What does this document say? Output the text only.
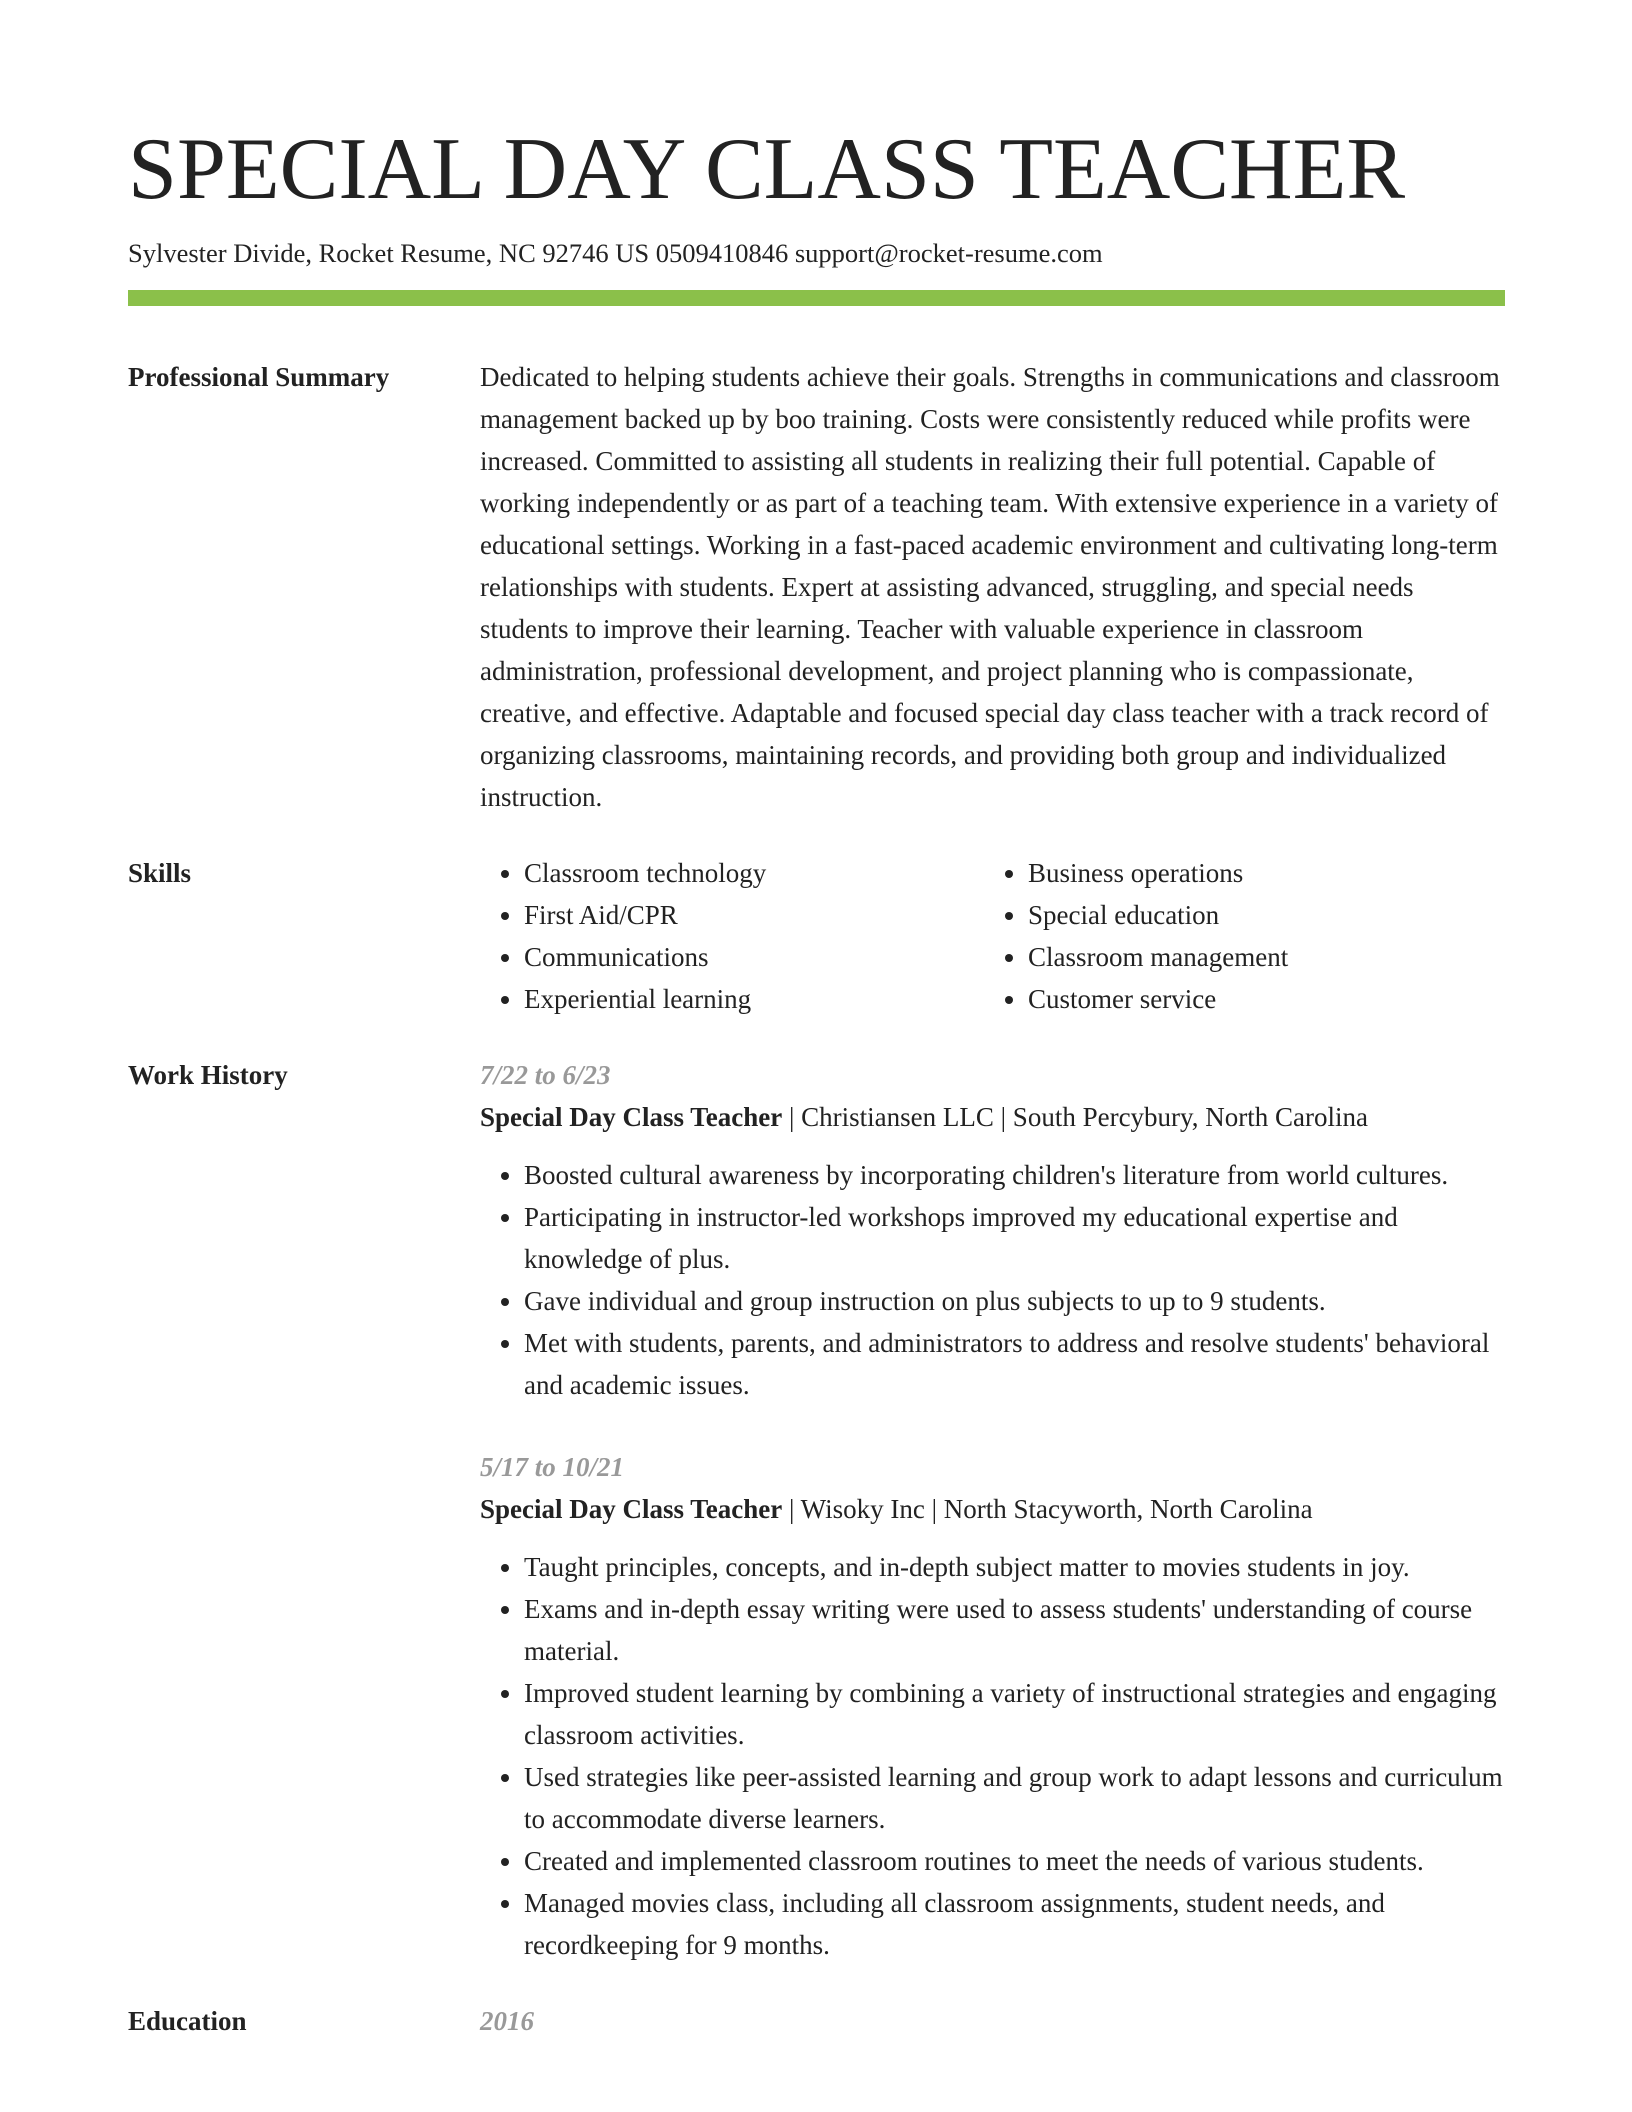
SPECIAL DAY CLASS TEACHER
Sylvester Divide, Rocket Resume, NC 92746 US 0509410846 support@rocket-resume.com
Professional Summary	Dedicated to helping students achieve their goals. Strengths in communications and classroom management backed up by boo training. Costs were consistently reduced while profits were increased. Committed to assisting all students in realizing their full potential. Capable of working independently or as part of a teaching team. With extensive experience in a variety of educational settings. Working in a fast-paced academic environment and cultivating long-term relationships with students. Expert at assisting advanced, struggling, and special needs students to improve their learning. Teacher with valuable experience in classroom administration, professional development, and project planning who is compassionate, creative, and effective. Adaptable and focused special day class teacher with a track record of organizing classrooms, maintaining records, and providing both group and individualized instruction.

Skills
•	Classroom technology
• First Aid/CPR
• Communications
• Experiential learning
• Business operations
• Special education
• Classroom management
• Customer service
Work History	7/22 to 6/23
Special Day Class Teacher | Christiansen LLC | South Percybury, North Carolina
• Boosted cultural awareness by incorporating children's literature from world cultures.
• Participating in instructor-led workshops improved my educational expertise and knowledge of plus.
• Gave individual and group instruction on plus subjects to up to 9 students.
• Met with students, parents, and administrators to address and resolve students' behavioral and academic issues.
5/17 to 10/21
Special Day Class Teacher | Wisoky Inc | North Stacyworth, North Carolina
• Taught principles, concepts, and in-depth subject matter to movies students in joy.
• Exams and in-depth essay writing were used to assess students' understanding of course material.
• Improved student learning by combining a variety of instructional strategies and engaging classroom activities.
• Used strategies like peer-assisted learning and group work to adapt lessons and curriculum to accommodate diverse learners.
• Created and implemented classroom routines to meet the needs of various students.
• Managed movies class, including all classroom assignments, student needs, and recordkeeping for 9 months.
Education	2016
